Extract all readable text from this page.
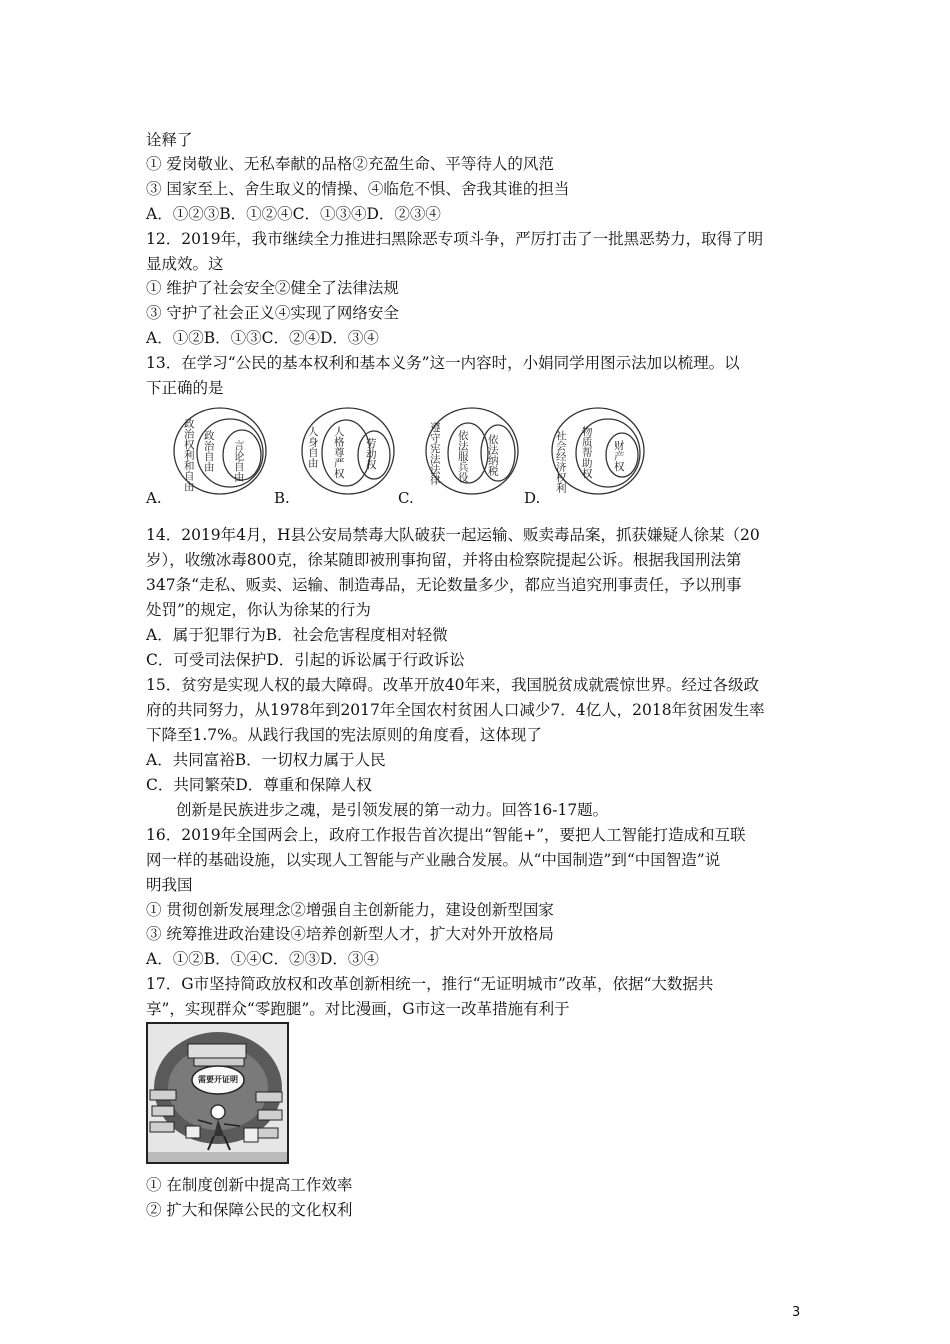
诠释了
① 爱岗敬业、无私奉献的品格②充盈生命、平等待人的风范
③ 国家至上、舍生取义的情操、④临危不惧、舍我其谁的担当
A．①②③B．①②④C．①③④D．②③④
12．2019年，我市继续全力推进扫黑除恶专项斗争，严厉打击了一批黑恶势力，取得了明
显成效。这
① 维护了社会安全②健全了法律法规
③ 守护了社会正义④实现了网络安全
A．①②B．①③C．②④D．③④
13．在学习“公民的基本权利和基本义务”这一内容时，小娟同学用图示法加以梳理。以
下正确的是
A.	B.	C.	D.
政治权利和自由
政治自由
言论自由
人身自由
人格尊严权
劳动权
遵守宪法法律
依法服兵役
依法纳税
社会经济权利
物质帮助权
财产权
14．2019年4月，H县公安局禁毒大队破获一起运输、贩卖毒品案，抓获嫌疑人徐某（20
岁），收缴冰毒800克，徐某随即被刑事拘留，并将由检察院提起公诉。根据我国刑法第
347条“走私、贩卖、运输、制造毒品，无论数量多少，都应当追究刑事责任，予以刑事
处罚”的规定，你认为徐某的行为
A．属于犯罪行为B．社会危害程度相对轻微
C．可受司法保护D．引起的诉讼属于行政诉讼
15．贫穷是实现人权的最大障碍。改革开放40年来，我国脱贫成就震惊世界。经过各级政
府的共同努力，从1978年到2017年全国农村贫困人口减少7．4亿人，2018年贫困发生率
下降至1.7%。从践行我国的宪法原则的角度看，这体现了
A．共同富裕B．一切权力属于人民
C．共同繁荣D．尊重和保障人权
创新是民族进步之魂，是引领发展的第一动力。回答16-17题。
16．2019年全国两会上，政府工作报告首次提出“智能+”，要把人工智能打造成和互联
网一样的基础设施，以实现人工智能与产业融合发展。从“中国制造”到“中国智造”说
明我国
① 贯彻创新发展理念②增强自主创新能力，建设创新型国家
③ 统筹推进政治建设④培养创新型人才，扩大对外开放格局
A．①②B．①④C．②③D．③④
17．G市坚持简政放权和改革创新相统一，推行“无证明城市”改革，依据“大数据共
享”，实现群众“零跑腿”。对比漫画，G市这一改革措施有利于
需要开证明
① 在制度创新中提高工作效率
② 扩大和保障公民的文化权利
3
